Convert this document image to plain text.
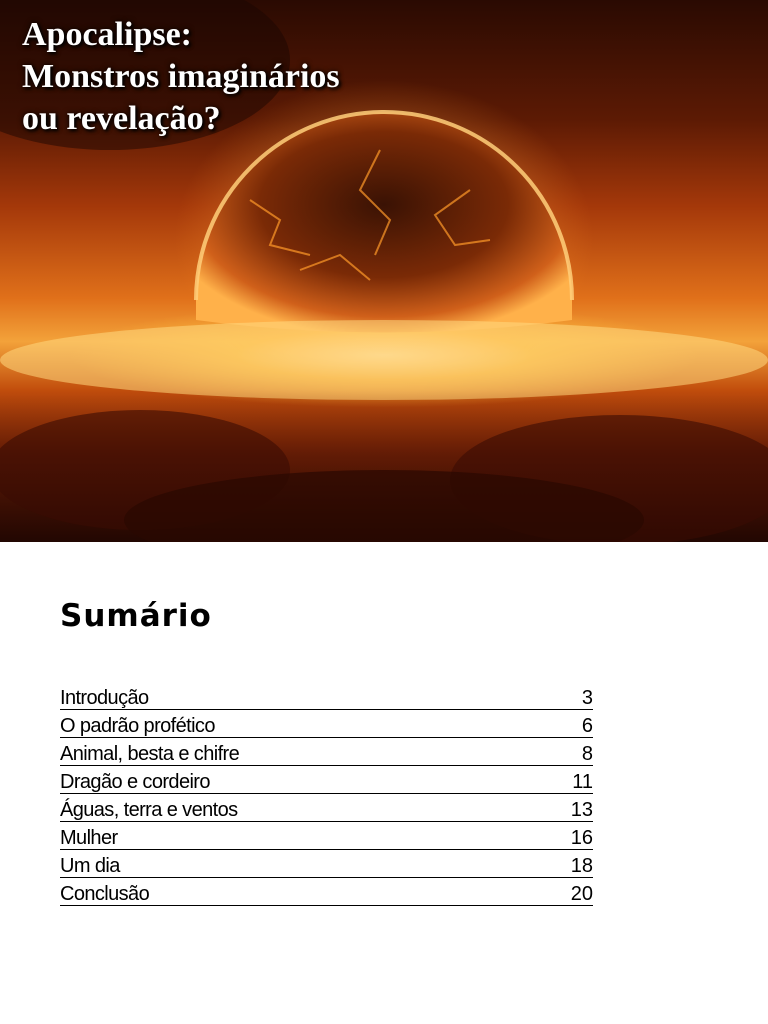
Apocalipse:
Monstros imaginários
ou revelação?
Sumário
Introdução	3
O padrão profético	6
Animal, besta e chifre	8
Dragão e cordeiro	11
Águas, terra e ventos	13
Mulher	16
Um dia	18
Conclusão	20
